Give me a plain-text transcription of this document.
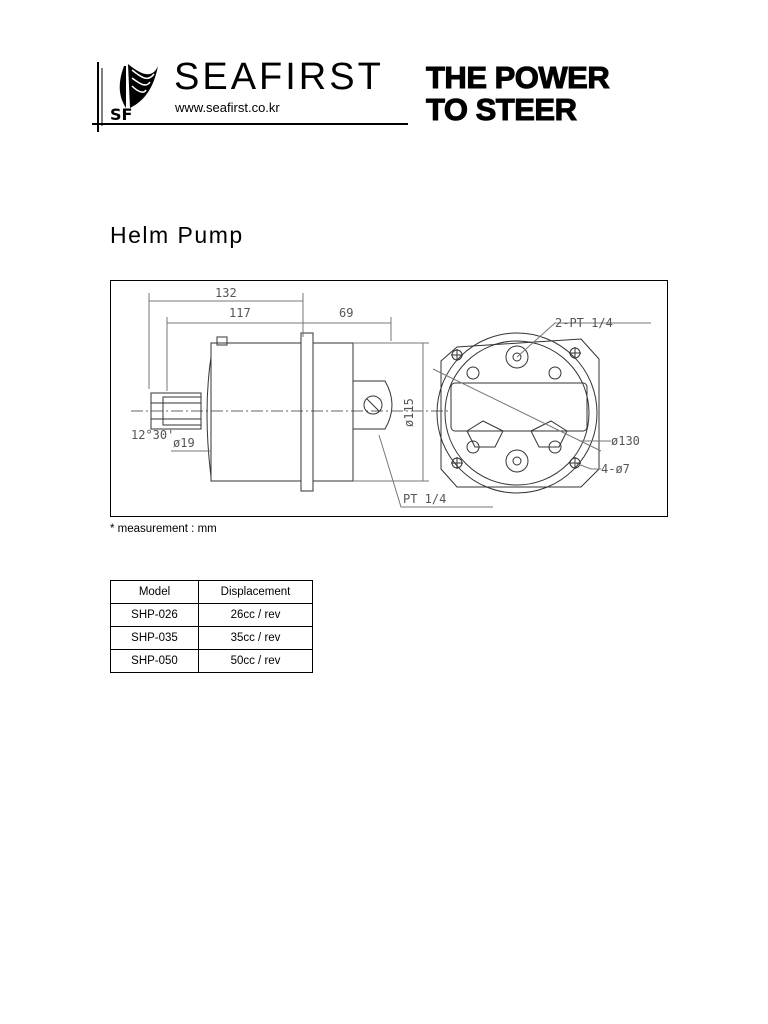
SF
SEAFIRST
www.seafirst.co.kr
THE POWER
TO STEER
Helm Pump
132
117	69
12°30'
ø19
ø115
2-PT 1/4
PT 1/4
ø130
4-ø7
* measurement : mm
Model	Displacement
SHP-026	26cc / rev
SHP-035	35cc / rev
SHP-050	50cc / rev
